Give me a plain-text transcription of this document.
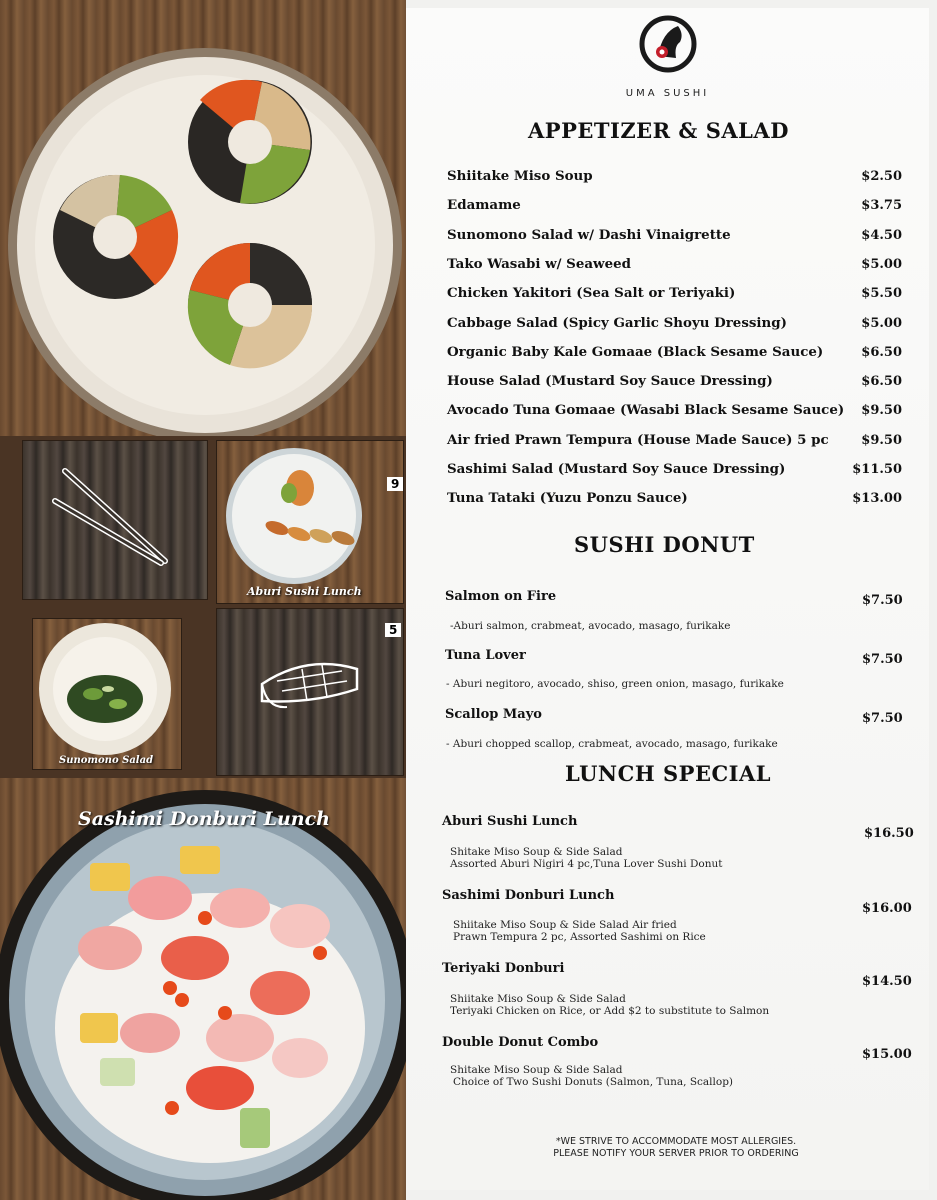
9
Aburi Sushi Lunch
Sunomono Salad
5
Sashimi Donburi Lunch
UMA SUSHI
APPETIZER & SALAD
Shiitake Miso Soup	$2.50
Edamame	$3.75
Sunomono Salad w/ Dashi Vinaigrette	$4.50
Tako Wasabi w/ Seaweed	$5.00
Chicken Yakitori (Sea Salt or Teriyaki)	$5.50
Cabbage Salad (Spicy Garlic Shoyu Dressing)	$5.00
Organic Baby Kale Gomaae (Black Sesame Sauce)	$6.50
House Salad (Mustard Soy Sauce Dressing)	$6.50
Avocado Tuna Gomaae (Wasabi Black Sesame Sauce) $9.50
Air fried Prawn Tempura (House Made Sauce) 5 pc	$9.50
Sashimi Salad (Mustard Soy Sauce Dressing)	$11.50
Tuna Tataki (Yuzu Ponzu Sauce)	$13.00
SUSHI DONUT
Salmon on Fire	$7.50
-Aburi salmon, crabmeat, avocado, masago, furikake
Tuna Lover	$7.50
- Aburi negitoro, avocado, shiso, green onion, masago, furikake
Scallop Mayo	$7.50
- Aburi chopped scallop, crabmeat, avocado, masago, furikake
LUNCH SPECIAL
Aburi Sushi Lunch
$16.50
Shitake Miso Soup & Side Salad
Assorted Aburi Nigiri 4 pc,Tuna Lover Sushi Donut
Sashimi Donburi Lunch
$16.00
Shiitake Miso Soup & Side Salad Air fried
Prawn Tempura 2 pc, Assorted Sashimi on Rice
Teriyaki Donburi
$14.50
Shiitake Miso Soup & Side Salad
Teriyaki Chicken on Rice, or Add $2 to substitute to Salmon
Double Donut Combo
$15.00
Shitake Miso Soup & Side Salad
Choice of Two Sushi Donuts (Salmon, Tuna, Scallop)
*WE STRIVE TO ACCOMMODATE MOST ALLERGIES.
PLEASE NOTIFY YOUR SERVER PRIOR TO ORDERING
